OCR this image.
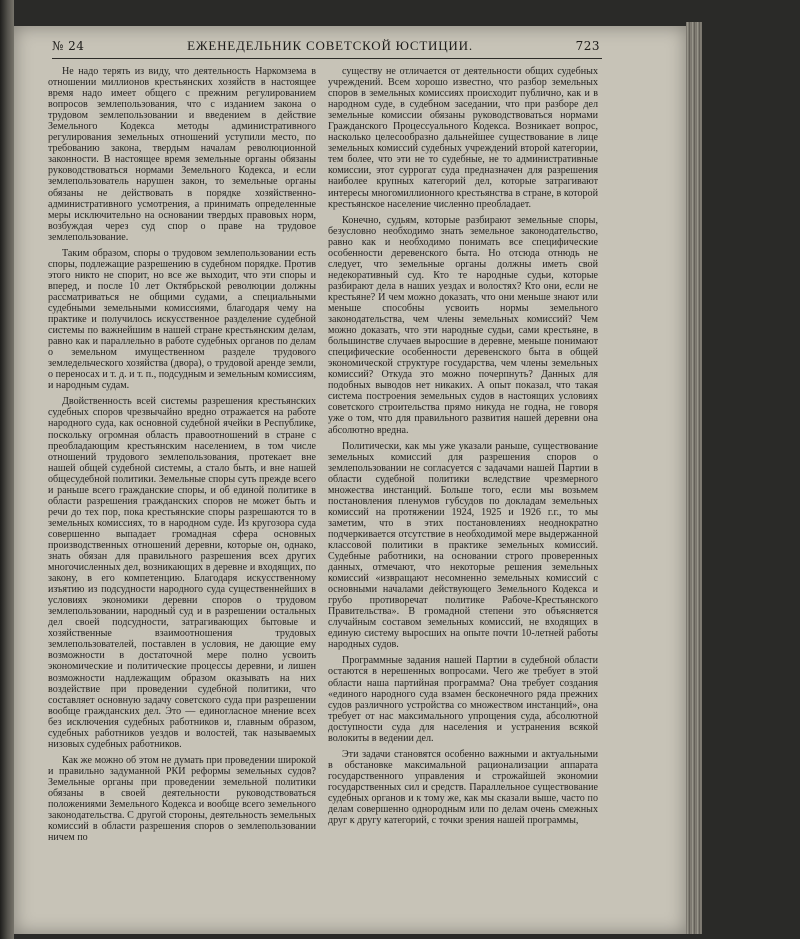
№ 24	ЕЖЕНЕДЕЛЬНИК СОВЕТСКОЙ ЮСТИЦИИ.	723

Не надо терять из виду, что деятельность Наркомзема в отношении миллионов крестьянских хозяйств в настоящее время надо имеет общего с прежним регулированием вопросов землепользования, что с изданием закона о трудовом землепользовании и введением в действие Земельного Кодекса методы административного регулирования земельных отношений уступили место, по требованию закона, твердым началам революционной законности. В настоящее время земельные органы обязаны руководствоваться нормами Земельного Кодекса, и если землепользователь нарушен закон, то земельные органы обязаны не действовать в порядке хозяйственно-административного усмотрения, а принимать определенные меры исключительно на основании твердых правовых норм, возбуждая через суд спор о праве на трудовое землепользование.

Таким образом, споры о трудовом землепользовании есть споры, подлежащие разрешению в судебном порядке. Против этого никто не спорит, но все же выходит, что эти споры и вперед, и после 10 лет Октябрьской революции должны рассматриваться не общими судами, а специальными судебными земельными комиссиями, благодаря чему на практике и получилось искусственное разделение судебной системы по важнейшим в нашей стране крестьянским делам, равно как и параллельно в работе судебных органов по делам о земельном имущественном разделе трудового земледельческого хозяйства (двора), о трудовой аренде земли, о переносах и т. д. и т. п., подсудным и земельным комиссиям, и народным судам.

Двойственность всей системы разрешения крестьянских судебных споров чрезвычайно вредно отражается на работе народного суда, как основной судебной ячейки в Республике, поскольку огромная область правоотношений в стране с преобладающим крестьянским населением, в том числе отношений трудового землепользования, протекает вне нашей общей судебной системы, а стало быть, и вне нашей общесудебной политики. Земельные споры суть прежде всего и раньше всего гражданские споры, и об единой политике в области разрешения гражданских споров не может быть и речи до тех пор, пока крестьянские споры разрешаются то в земельных комиссиях, то в народном суде. Из кругозора суда совершенно выпадает громадная сфера основных производственных отношений деревни, которые он, однако, знать обязан для правильного разрешения всех других многочисленных дел, возникающих в деревне и входящих, по закону, в его компетенцию. Благодаря искусственному изъятию из подсудности народного суда существеннейших в условиях экономики деревни споров о трудовом землепользовании, народный суд и в разрешении остальных дел своей подсудности, затрагивающих бытовые и хозяйственные взаимоотношения трудовых землепользователей, поставлен в условия, не дающие ему возможности в достаточной мере полно усвоить экономические и политические процессы деревни, и лишен возможности надлежащим образом оказывать на них воздействие при проведении судебной политики, что составляет основную задачу советского суда при разрешении вообще гражданских дел. Это — единогласное мнение всех без исключения судебных работников и, главным образом, судебных работников уездов и волостей, так называемых низовых судебных работников.

Как же можно об этом не думать при проведении широкой и правильно задуманной РКИ реформы земельных судов? Земельные органы при проведении земельной политики обязаны в своей деятельности руководствоваться положениями Земельного Кодекса и вообще всего земельного законодательства. С другой стороны, деятельность земельных комиссий в области разрешения споров о землепользовании ничем по

существу не отличается от деятельности общих судебных учреждений. Всем хорошо известно, что разбор земельных споров в земельных комиссиях происходит публично, как и в народном суде, в судебном заседании, что при разборе дел земельные комиссии обязаны руководствоваться нормами Гражданского Процессуального Кодекса. Возникает вопрос, насколько целесообразно дальнейшее существование в лице земельных комиссий судебных учреждений второй категории, тем более, что эти не то судебные, не то административные комиссии, этот суррогат суда предназначен для разрешения наиболее крупных категорий дел, которые затрагивают интересы многомиллионного крестьянства в стране, в которой крестьянское население численно преобладает.

Конечно, судьям, которые разбирают земельные споры, безусловно необходимо знать земельное законодательство, равно как и необходимо понимать все специфические особенности деревенского быта. Но отсюда отнюдь не следует, что земельные органы должны иметь свой недекоративный суд. Кто те народные судьи, которые разбирают дела в наших уездах и волостях? Кто они, если не крестьяне? И чем можно доказать, что они меньше знают или меньше способны усвоить нормы земельного законодательства, чем члены земельных комиссий? Чем можно доказать, что эти народные судьи, сами крестьяне, в большинстве случаев выросшие в деревне, меньше понимают специфические особенности деревенского быта в общей экономической структуре государства, чем члены земельных комиссий? Откуда это можно почерпнуть? Данных для подобных выводов нет никаких. А опыт показал, что такая система построения земельных судов в настоящих условиях советского строительства прямо никуда не годна, не говоря уже о том, что для правильного развития нашей деревни она абсолютно вредна.

Политически, как мы уже указали раньше, существование земельных комиссий для разрешения споров о землепользовании не согласуется с задачами нашей Партии в области судебной политики вследствие чрезмерного множества инстанций. Больше того, если мы возьмем постановления пленумов губсудов по докладам земельных комиссий на протяжении 1924, 1925 и 1926 г.г., то мы заметим, что в этих постановлениях неоднократно подчеркивается отсутствие в необходимой мере выдержанной классовой политики в практике земельных комиссий. Судебные работники, на основании строго проверенных данных, отмечают, что некоторые решения земельных комиссий «извращают несомненно земельных комиссий с основными началами действующего Земельного Кодекса и грубо противоречат политике Рабоче-Крестьянского Правительства». В громадной степени это объясняется случайным составом земельных комиссий, не входящих в единую систему выросших на опыте почти 10-летней работы народных судов.

Программные задания нашей Партии в судебной области остаются в нерешенных вопросами. Чего же требует в этой области наша партийная программа? Она требует создания «единого народного суда взамен бесконечного ряда прежних судов различного устройства со множеством инстанций», она требует от нас максимального упрощения суда, абсолютной доступности суда для населения и устранения всякой волокиты в ведении дел.

Эти задачи становятся особенно важными и актуальными в обстановке максимальной рационализации аппарата государственного управления и строжайшей экономии государственных сил и средств. Параллельное существование судебных органов и к тому же, как мы сказали выше, часто по делам совершенно однородным или по делам очень смежных друг к другу категорий, с точки зрения нашей программы,
